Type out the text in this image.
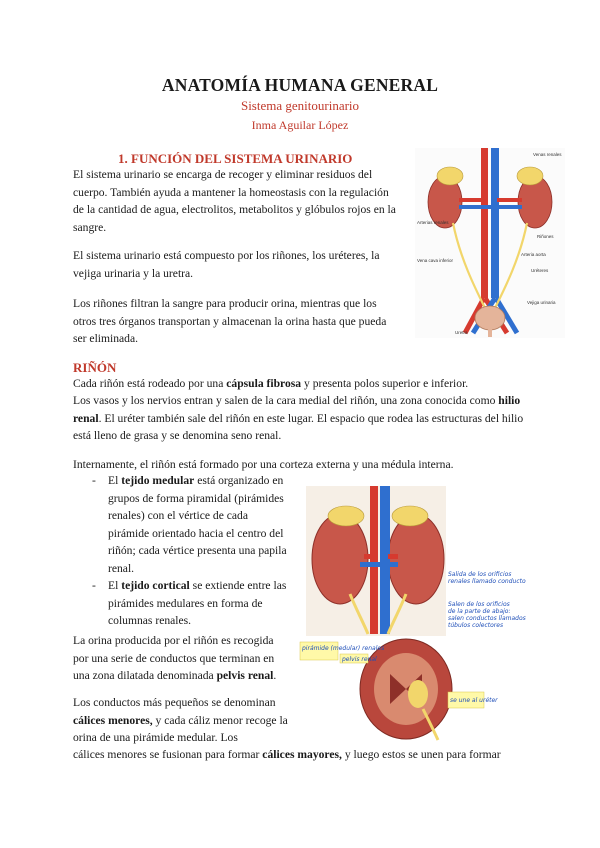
ANATOMÍA HUMANA GENERAL
Sistema genitourinario
Inma Aguilar López
1. FUNCIÓN DEL SISTEMA URINARIO

El sistema urinario se encarga de recoger y eliminar residuos del cuerpo. También ayuda a mantener la homeostasis con la regulación de la cantidad de agua, electrolitos, metabolitos y glóbulos rojos en la sangre.

El sistema urinario está compuesto por los riñones, los uréteres, la vejiga urinaria y la uretra.

Los riñones filtran la sangre para producir orina, mientras que los otros tres órganos transportan y almacenan la orina hasta que pueda ser eliminada.

Venas renales
Arterias renales
Riñones
Arteria aorta
Vena cava inferior
Uréteres
Vejiga urinaria
Uretra
RIÑÓN

Cada riñón está rodeado por una cápsula fibrosa y presenta polos superior e inferior.

Los vasos y los nervios entran y salen de la cara medial del riñón, una zona conocida como hilio renal. El uréter también sale del riñón en este lugar. El espacio que rodea las estructuras del hilio está lleno de grasa y se denomina seno renal.

Internamente, el riñón está formado por una corteza externa y una médula interna.

- El tejido medular está organizado en grupos de forma piramidal (pirámides renales) con el vértice de cada pirámide orientado hacia el centro del riñón; cada vértice presenta una papila renal.
- El tejido cortical se extiende entre las pirámides medulares en forma de columnas renales.

La orina producida por el riñón es recogida por una serie de conductos que terminan en una zona dilatada denominada pelvis renal.

Los conductos más pequeños se denominan cálices menores, y cada cáliz menor recoge la orina de una pirámide medular. Los

cálices menores se fusionan para formar cálices mayores, y luego estos se unen para formar

Salida de los orificios renales llamado conducto
Salen de los orificios de la parte de abajo: salen conductos llamados túbulos colectores
pirámide (medular) renales
pelvis renal
se une al uréter
